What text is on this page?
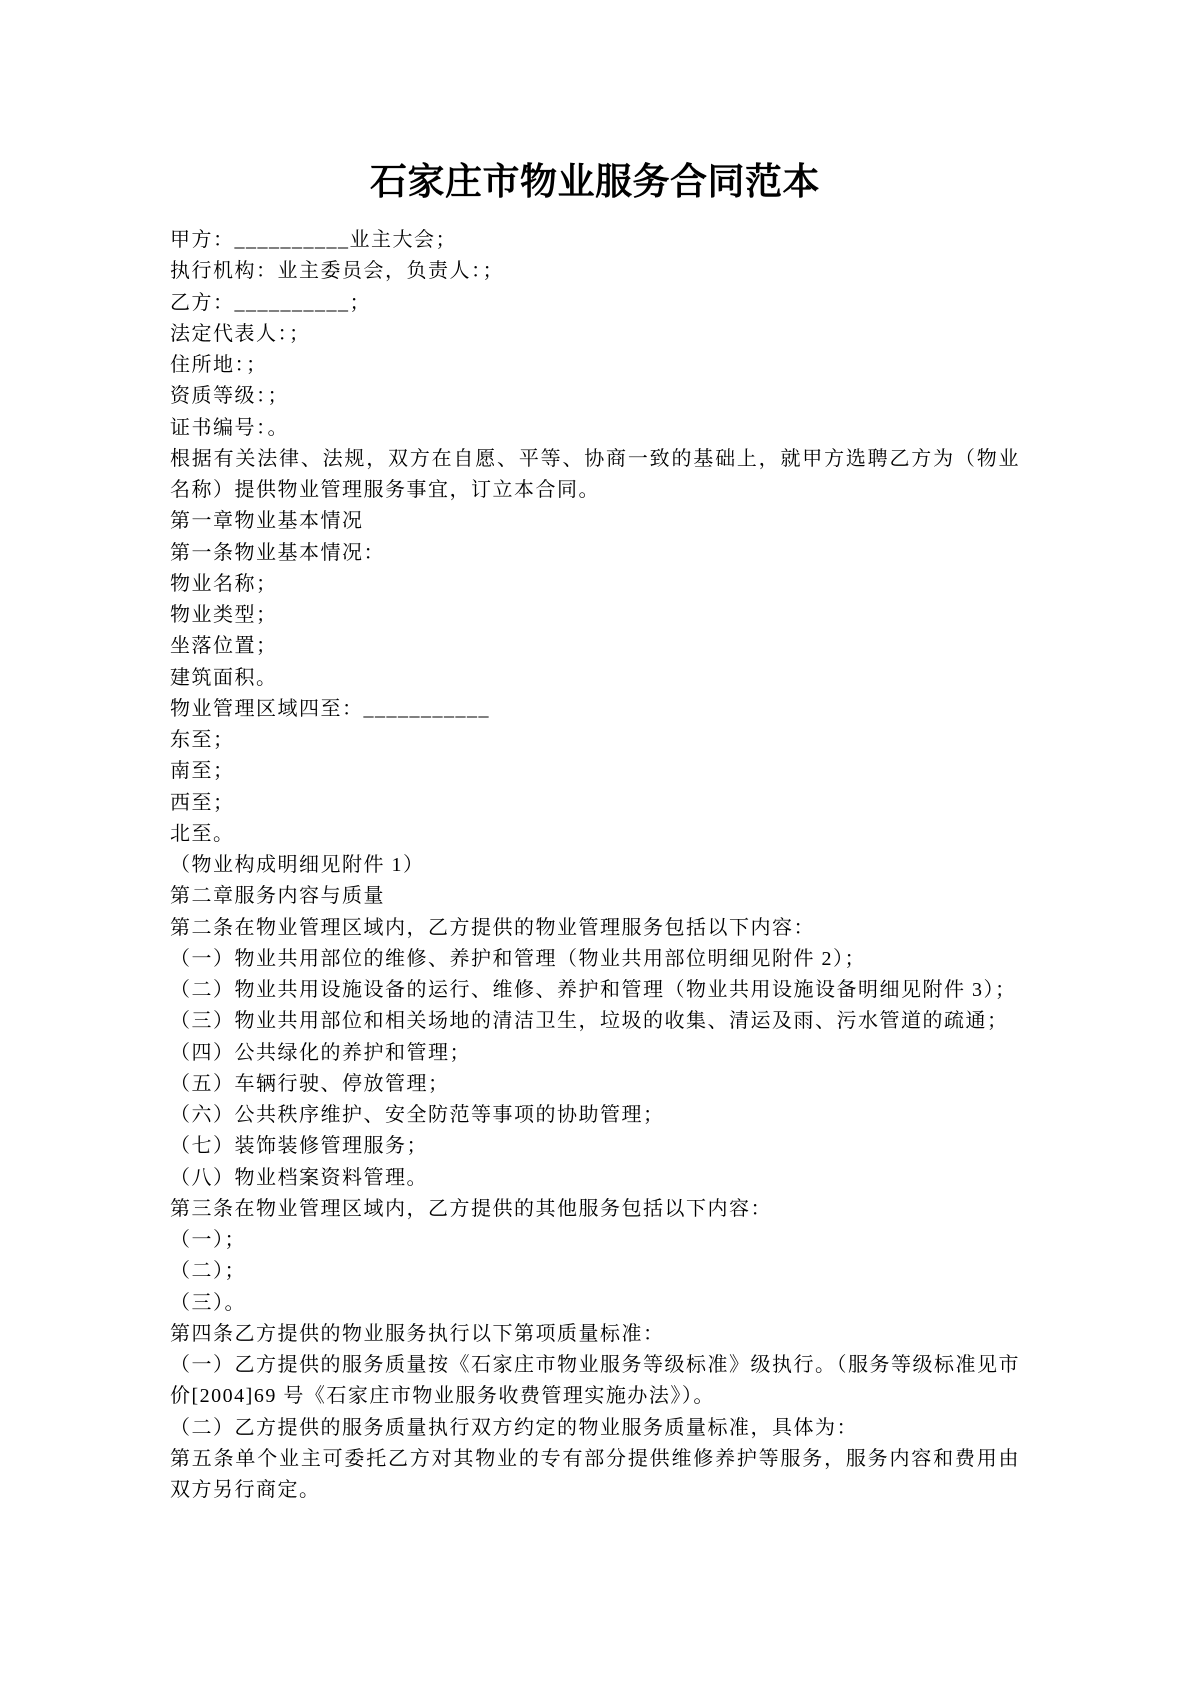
石家庄市物业服务合同范本

甲方：__________业主大会；

执行机构：业主委员会，负责人：；

乙方：__________；

法定代表人：；

住所地：；

资质等级：；

证书编号：。

根据有关法律、法规，双方在自愿、平等、协商一致的基础上，就甲方选聘乙方为（物业名称）提供物业管理服务事宜，订立本合同。

第一章物业基本情况

第一条物业基本情况：

物业名称；

物业类型；

坐落位置；

建筑面积。

物业管理区域四至：___________

东至；

南至；

西至；

北至。

（物业构成明细见附件 1）

第二章服务内容与质量

第二条在物业管理区域内，乙方提供的物业管理服务包括以下内容：

（一）物业共用部位的维修、养护和管理（物业共用部位明细见附件 2）；

（二）物业共用设施设备的运行、维修、养护和管理（物业共用设施设备明细见附件 3）；

（三）物业共用部位和相关场地的清洁卫生，垃圾的收集、清运及雨、污水管道的疏通；

（四）公共绿化的养护和管理；

（五）车辆行驶、停放管理；

（六）公共秩序维护、安全防范等事项的协助管理；

（七）装饰装修管理服务；

（八）物业档案资料管理。

第三条在物业管理区域内，乙方提供的其他服务包括以下内容：

（一）；

（二）；

（三）。

第四条乙方提供的物业服务执行以下第项质量标准：

（一）乙方提供的服务质量按《石家庄市物业服务等级标准》级执行。（服务等级标准见市价[2004]69 号《石家庄市物业服务收费管理实施办法》）。

（二）乙方提供的服务质量执行双方约定的物业服务质量标准，具体为：

第五条单个业主可委托乙方对其物业的专有部分提供维修养护等服务，服务内容和费用由双方另行商定。
